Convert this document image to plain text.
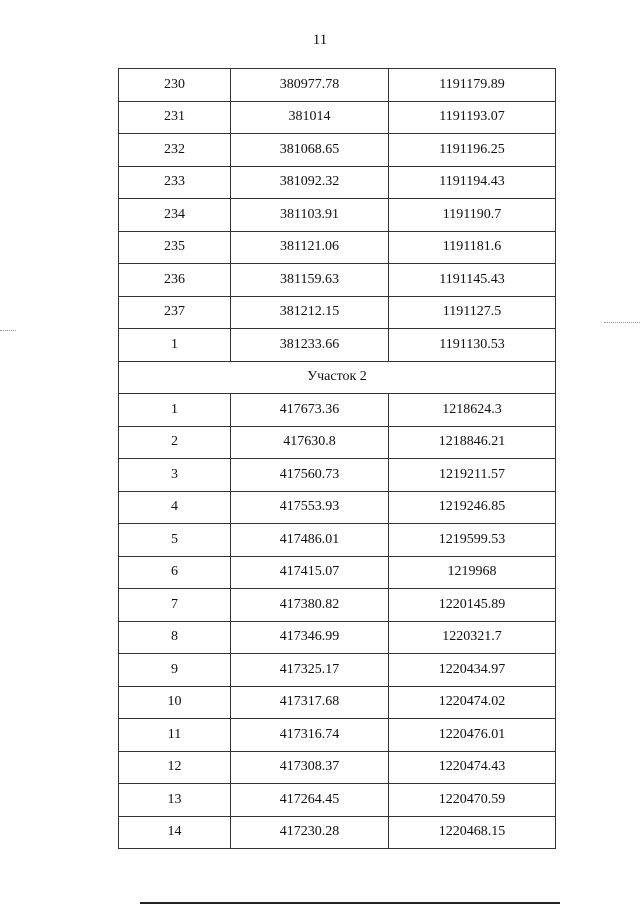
11
230	380977.78	1191179.89
231	381014	1191193.07
232	381068.65	1191196.25
233	381092.32	1191194.43
234	381103.91	1191190.7
235	381121.06	1191181.6
236	381159.63	1191145.43
237	381212.15	1191127.5
1	381233.66	1191130.53
Участок 2		
1	417673.36	1218624.3
2	417630.8	1218846.21
3	417560.73	1219211.57
4	417553.93	1219246.85
5	417486.01	1219599.53
6	417415.07	1219968
7	417380.82	1220145.89
8	417346.99	1220321.7
9	417325.17	1220434.97
10	417317.68	1220474.02
11	417316.74	1220476.01
12	417308.37	1220474.43
13	417264.45	1220470.59
14	417230.28	1220468.15
